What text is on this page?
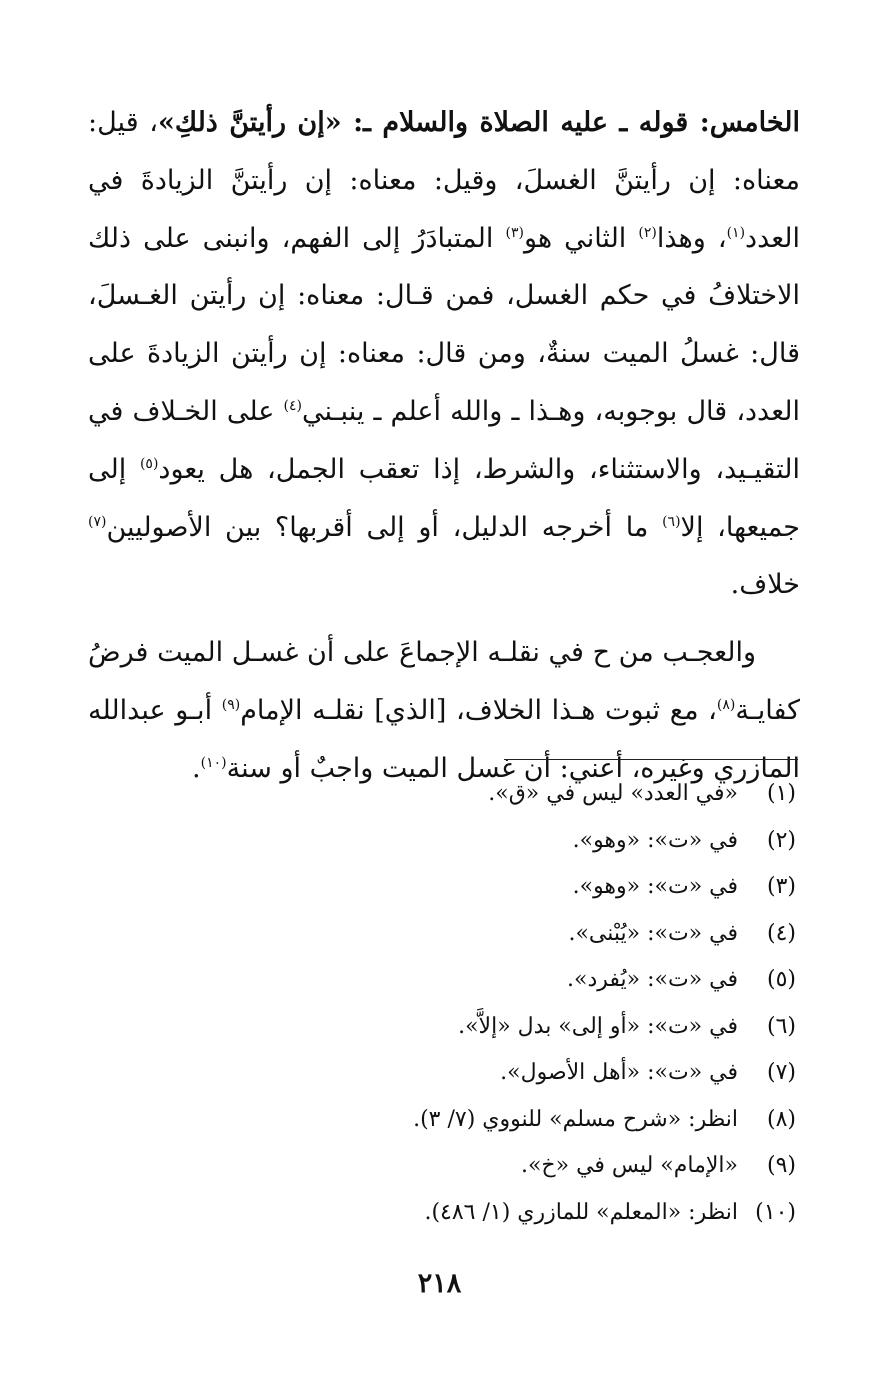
الخامس: قوله ـ عليه الصلاة والسلام ـ: «إن رأيتنَّ ذلكِ»، قيل: معناه: إن رأيتنَّ الغسلَ، وقيل: معناه: إن رأيتنَّ الزيادةَ في العدد$^{(١)}$، وهذا$^{(٢)}$ الثاني هو$^{(٣)}$ المتبادَرُ إلى الفهم، وانبنى على ذلك الاختلافُ في حكم الغسل، فمن قـال: معناه: إن رأيتن الغـسلَ، قال: غسلُ الميت سنةٌ، ومن قال: معناه: إن رأيتن الزيادةَ على العدد، قال بوجوبه، وهـذا ـ والله أعلم ـ ينبـني$^{(٤)}$ على الخـلاف في التقيـيد، والاستثناء، والشرط، إذا تعقب الجمل، هل يعود$^{(٥)}$ إلى جميعها، إلا$^{(٦)}$ ما أخرجه الدليل، أو إلى أقربها؟ بين الأصوليين$^{(٧)}$ خلاف.

والعجـب من ح في نقلـه الإجماعَ على أن غسـل الميت فرضُ كفايـة$^{(٨)}$، مع ثبوت هـذا الخلاف، [الذي] نقلـه الإمام$^{(٩)}$ أبـو عبدالله المازري وغيره، أعني: أن غسل الميت واجبٌ أو سنة$^{(١٠)}$.

(١)«في العدد» ليس في «ق».
(٢)في «ت»: «وهو».
(٣)في «ت»: «وهو».
(٤)في «ت»: «يُبْنى».
(٥)في «ت»: «يُفرد».
(٦)في «ت»: «أو إلى» بدل «إلاَّ».
(٧)في «ت»: «أهل الأصول».
(٨)انظر: «شرح مسلم» للنووي (٧/ ٣).
(٩)«الإمام» ليس في «خ».
(١٠)انظر: «المعلم» للمازري (١/ ٤٨٦).
٢١٨
